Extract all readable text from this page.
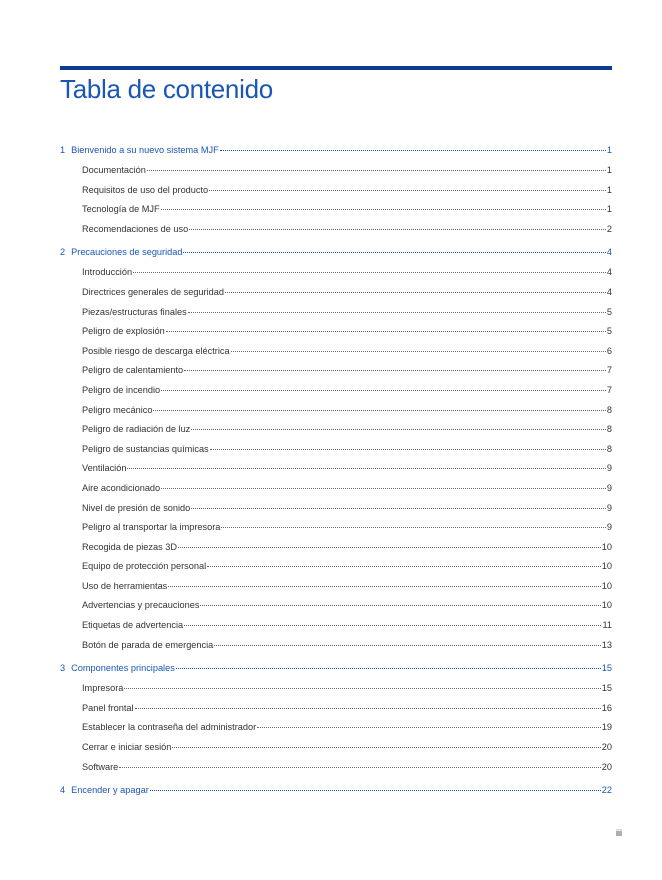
Tabla de contenido
1 Bienvenido a su nuevo sistema MJF	1
Documentación	1
Requisitos de uso del producto	1
Tecnología de MJF	1
Recomendaciones de uso	2
2 Precauciones de seguridad	4
Introducción	4
Directrices generales de seguridad	4
Piezas/estructuras finales	5
Peligro de explosión	5
Posible riesgo de descarga eléctrica	6
Peligro de calentamiento	7
Peligro de incendio	7
Peligro mecánico	8
Peligro de radiación de luz	8
Peligro de sustancias químicas	8
Ventilación	9
Aire acondicionado	9
Nivel de presión de sonido	9
Peligro al transportar la impresora	9
Recogida de piezas 3D	10
Equipo de protección personal	10
Uso de herramientas	10
Advertencias y precauciones	10
Etiquetas de advertencia	11
Botón de parada de emergencia	13
3 Componentes principales	15
Impresora	15
Panel frontal	16
Establecer la contraseña del administrador	19
Cerrar e iniciar sesión	20
Software	20
4 Encender y apagar	22
iii
